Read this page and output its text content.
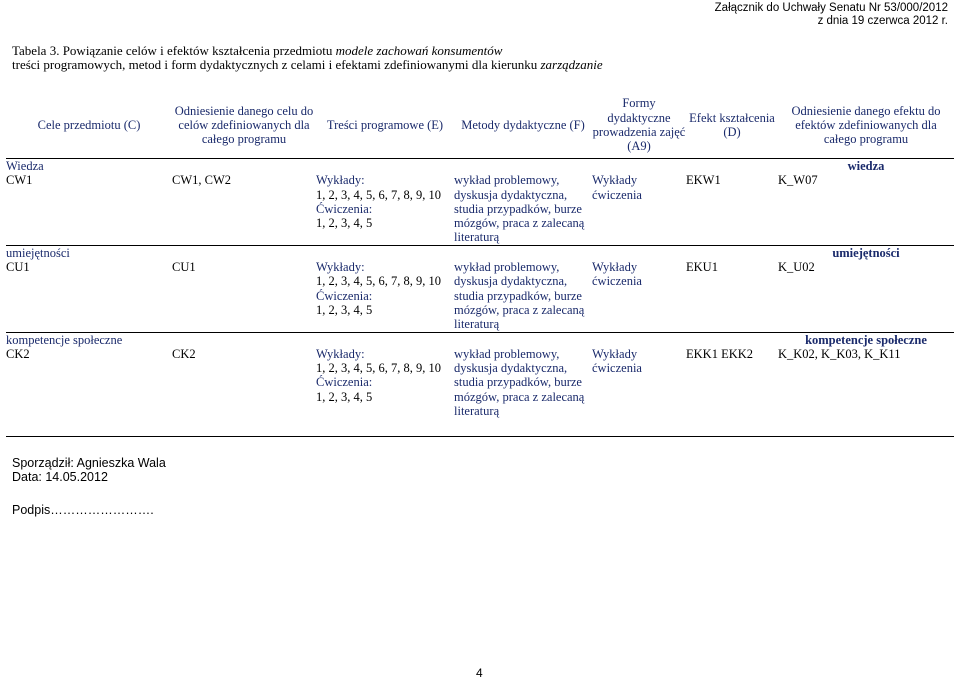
Załącznik do Uchwały Senatu Nr 53/000/2012
z dnia 19 czerwca 2012 r.
Tabela 3. Powiązanie celów i efektów kształcenia przedmiotu modele zachowań konsumentów
treści programowych, metod i form dydaktycznych z celami i efektami zdefiniowanymi dla kierunku zarządzanie
Cele przedmiotu (C)	Odniesienie danego celu do celów zdefiniowanych dla całego programu	Treści programowe (E)	Metody dydaktyczne (F)	Formy dydaktyczne prowadzenia zajęć (A9)	Efekt kształcenia (D)	Odniesienie danego efektu do efektów zdefiniowanych dla całego programu
Wiedza						wiedza
CW1	CW1, CW2	Wykłady:
1, 2, 3, 4, 5, 6, 7, 8, 9, 10
Ćwiczenia:
1, 2, 3, 4, 5	wykład problemowy, dyskusja dydaktyczna, studia przypadków, burze mózgów, praca z zalecaną literaturą	Wykłady ćwiczenia	EKW1	K_W07
umiejętności						umiejętności
CU1	CU1	Wykłady:
1, 2, 3, 4, 5, 6, 7, 8, 9, 10
Ćwiczenia:
1, 2, 3, 4, 5	wykład problemowy, dyskusja dydaktyczna, studia przypadków, burze mózgów, praca z zalecaną literaturą	Wykłady ćwiczenia	EKU1	K_U02
kompetencje społeczne						kompetencje społeczne
CK2	CK2	Wykłady:
1, 2, 3, 4, 5, 6, 7, 8, 9, 10
Ćwiczenia:
1, 2, 3, 4, 5	wykład problemowy, dyskusja dydaktyczna, studia przypadków, burze mózgów, praca z zalecaną literaturą	Wykłady ćwiczenia	EKK1 EKK2	K_K02, K_K03, K_K11
Sporządził: Agnieszka Wala
Data: 14.05.2012
Podpis…………………….
4
